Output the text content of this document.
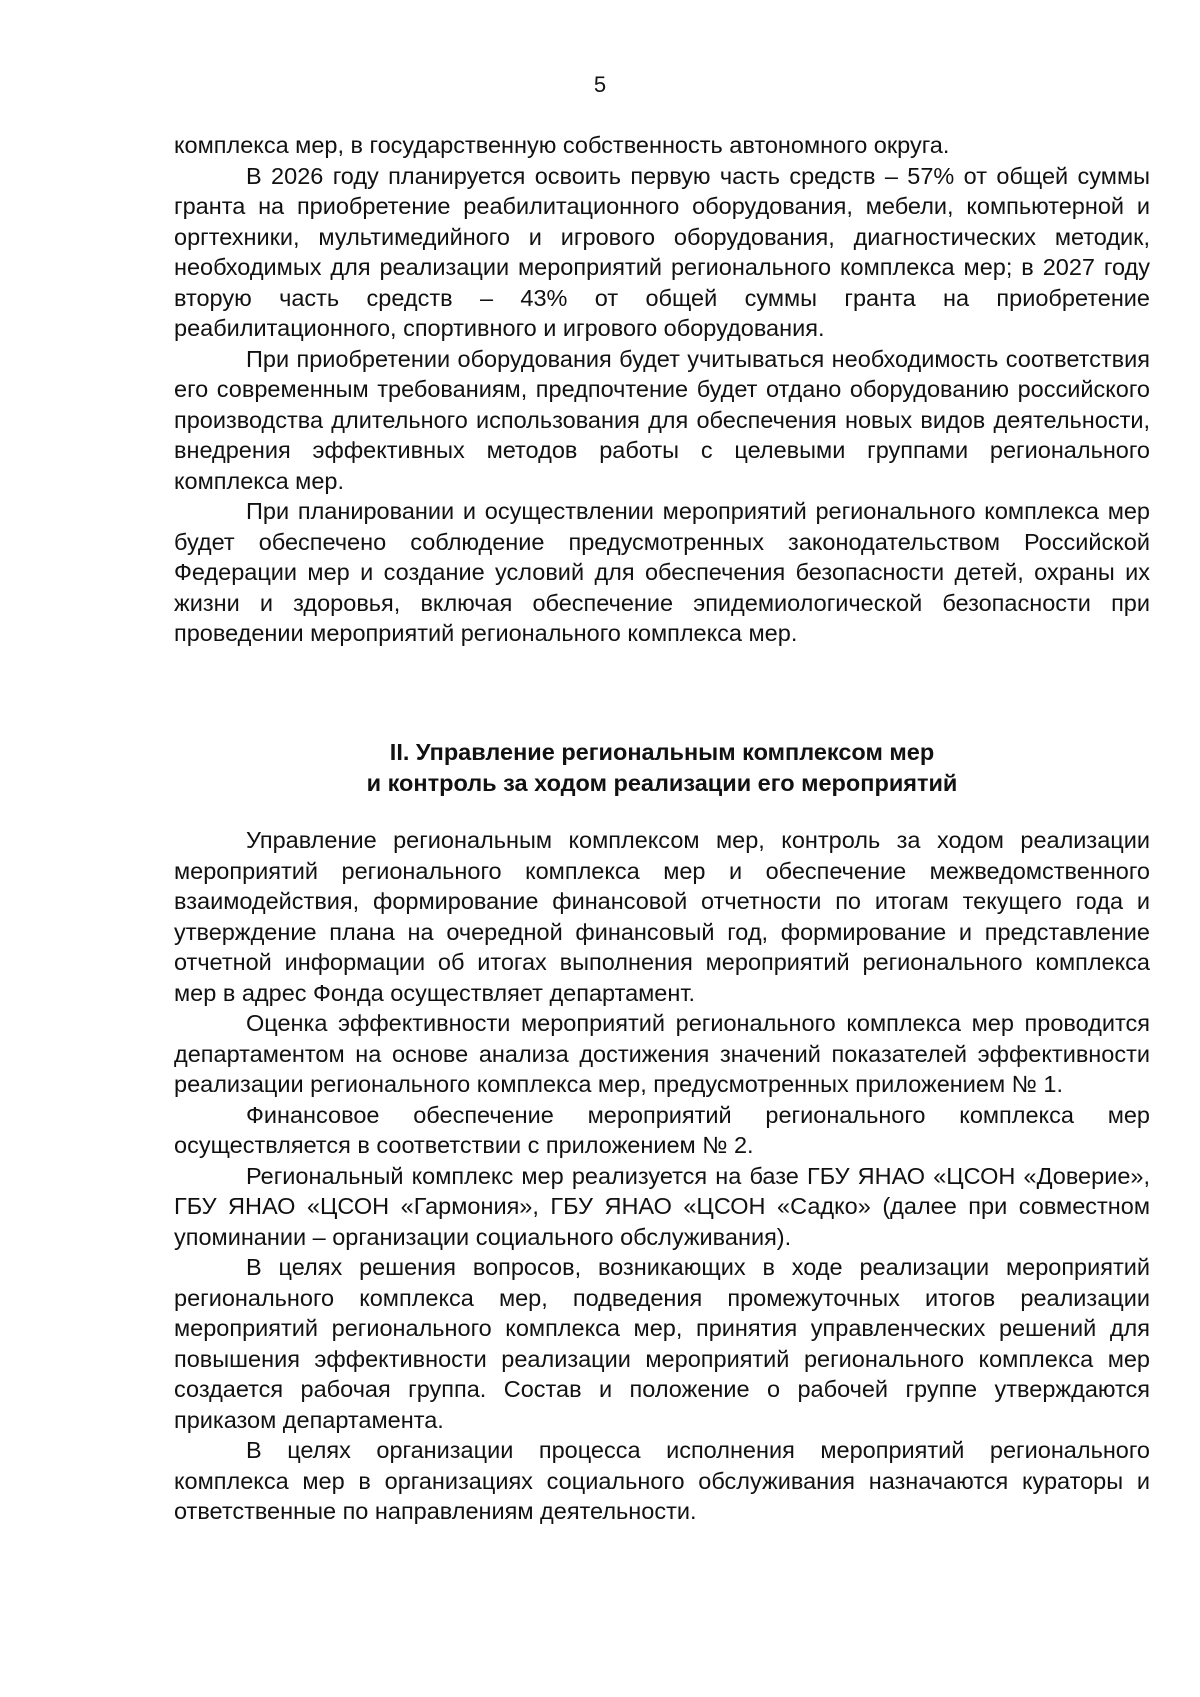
5

комплекса мер, в государственную собственность автономного округа.

В 2026 году планируется освоить первую часть средств – 57% от общей суммы гранта на приобретение реабилитационного оборудования, мебели, компьютерной и оргтехники, мультимедийного и игрового оборудования, диагностических методик, необходимых для реализации мероприятий регионального комплекса мер; в 2027 году вторую часть средств – 43% от общей суммы гранта на приобретение реабилитационного, спортивного и игрового оборудования.

При приобретении оборудования будет учитываться необходимость соответствия его современным требованиям, предпочтение будет отдано оборудованию российского производства длительного использования для обеспечения новых видов деятельности, внедрения эффективных методов работы с целевыми группами регионального комплекса мер.

При планировании и осуществлении мероприятий регионального комплекса мер будет обеспечено соблюдение предусмотренных законодательством Российской Федерации мер и создание условий для обеспечения безопасности детей, охраны их жизни и здоровья, включая обеспечение эпидемиологической безопасности при проведении мероприятий регионального комплекса мер.

II. Управление региональным комплексом мер
и контроль за ходом реализации его мероприятий

Управление региональным комплексом мер, контроль за ходом реализации мероприятий регионального комплекса мер и обеспечение межведомственного взаимодействия, формирование финансовой отчетности по итогам текущего года и утверждение плана на очередной финансовый год, формирование и представление отчетной информации об итогах выполнения мероприятий регионального комплекса мер в адрес Фонда осуществляет департамент.

Оценка эффективности мероприятий регионального комплекса мер проводится департаментом на основе анализа достижения значений показателей эффективности реализации регионального комплекса мер, предусмотренных приложением № 1.

Финансовое обеспечение мероприятий регионального комплекса мер осуществляется в соответствии с приложением № 2.

Региональный комплекс мер реализуется на базе ГБУ ЯНАО «ЦСОН «Доверие», ГБУ ЯНАО «ЦСОН «Гармония», ГБУ ЯНАО «ЦСОН «Садко» (далее при совместном упоминании – организации социального обслуживания).

В целях решения вопросов, возникающих в ходе реализации мероприятий регионального комплекса мер, подведения промежуточных итогов реализации мероприятий регионального комплекса мер, принятия управленческих решений для повышения эффективности реализации мероприятий регионального комплекса мер создается рабочая группа. Состав и положение о рабочей группе утверждаются приказом департамента.

В целях организации процесса исполнения мероприятий регионального комплекса мер в организациях социального обслуживания назначаются кураторы и ответственные по направлениям деятельности.
